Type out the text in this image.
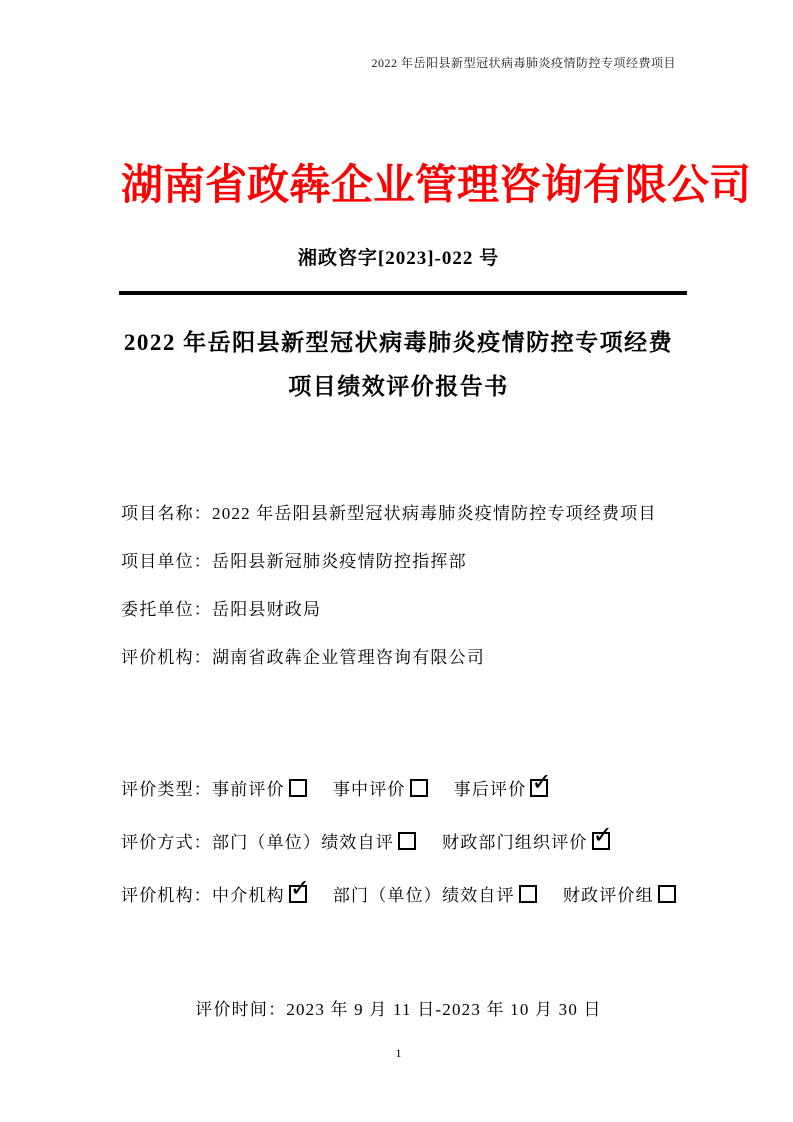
2022 年岳阳县新型冠状病毒肺炎疫情防控专项经费项目
湖南省政犇企业管理咨询有限公司
湘政咨字[2023]-022 号
2022 年岳阳县新型冠状病毒肺炎疫情防控专项经费
项目绩效评价报告书
项目名称：2022 年岳阳县新型冠状病毒肺炎疫情防控专项经费项目
项目单位：岳阳县新冠肺炎疫情防控指挥部
委托单位：岳阳县财政局
评价机构：湖南省政犇企业管理咨询有限公司
评价类型：事前评价	事中评价	事后评价✓
评价方式：部门（单位）绩效自评	财政部门组织评价✓
评价机构：中介机构 ✓	部门（单位）绩效自评	财政评价组
评价时间：2023 年 9 月 11 日-2023 年 10 月 30 日
1
